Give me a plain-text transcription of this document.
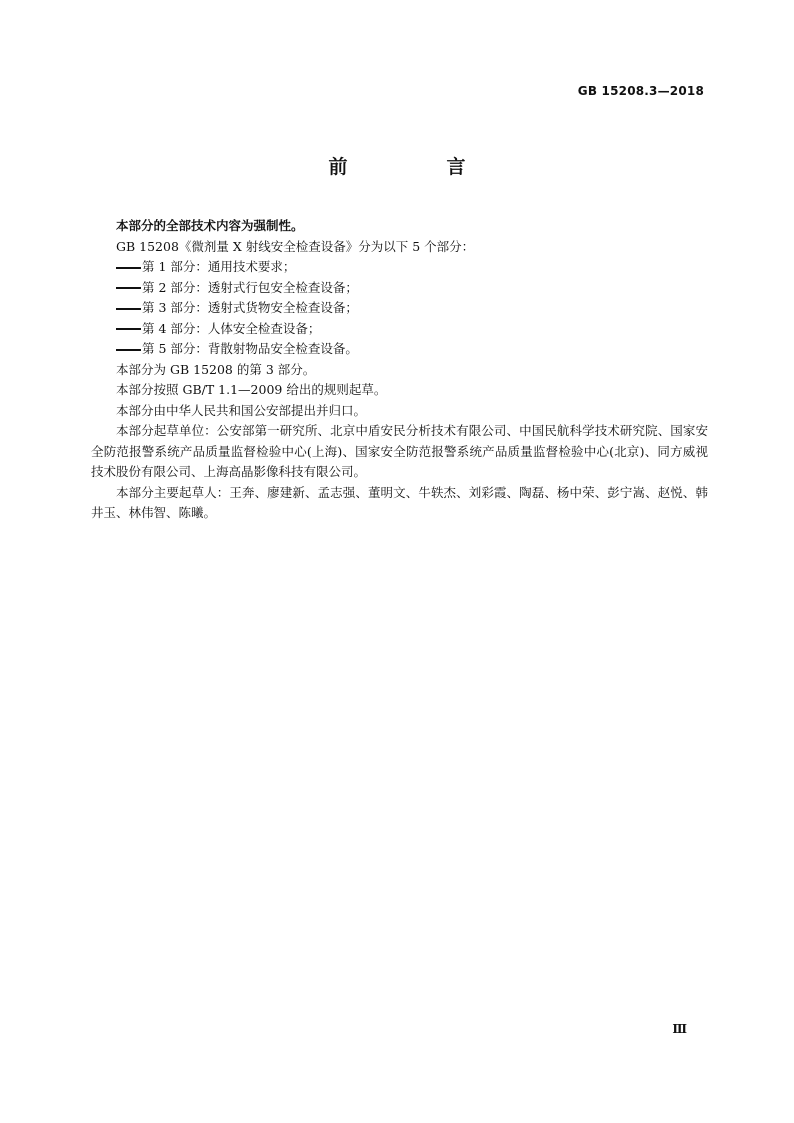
GB 15208.3—2018
前　言

本部分的全部技术内容为强制性。

GB 15208《微剂量 X 射线安全检查设备》分为以下 5 个部分：

第 1 部分：通用技术要求；

第 2 部分：透射式行包安全检查设备；

第 3 部分：透射式货物安全检查设备；

第 4 部分：人体安全检查设备；

第 5 部分：背散射物品安全检查设备。

本部分为 GB 15208 的第 3 部分。

本部分按照 GB/T 1.1—2009 给出的规则起草。

本部分由中华人民共和国公安部提出并归口。

本部分起草单位：公安部第一研究所、北京中盾安民分析技术有限公司、中国民航科学技术研究院、国家安全防范报警系统产品质量监督检验中心(上海)、国家安全防范报警系统产品质量监督检验中心(北京)、同方威视技术股份有限公司、上海高晶影像科技有限公司。

本部分主要起草人：王奔、廖建新、孟志强、董明文、牛轶杰、刘彩霞、陶磊、杨中荣、彭宁嵩、赵悦、韩井玉、林伟智、陈曦。

Ⅲ
